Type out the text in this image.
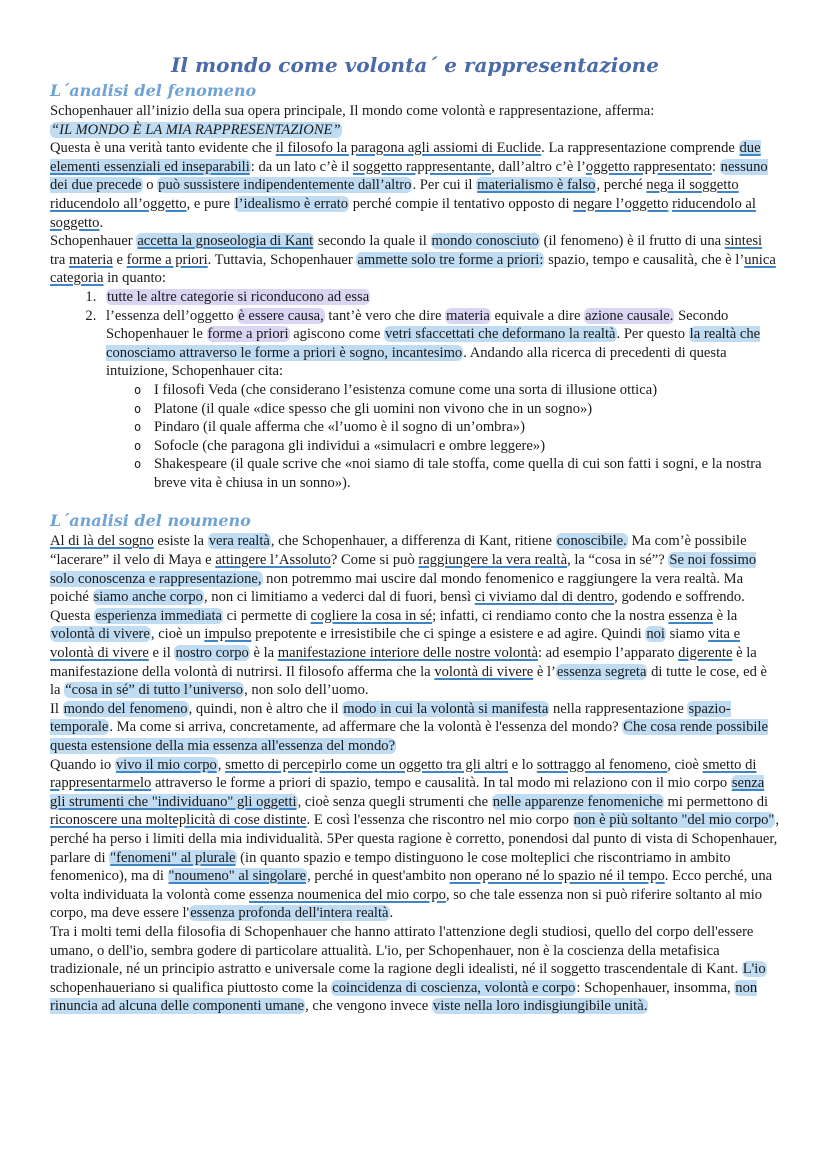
Il mondo come volonta´ e rappresentazione
L´analisi del fenomeno

Schopenhauer all’inizio della sua opera principale, Il mondo come volontà e rappresentazione, afferma:
“IL MONDO È LA MIA RAPPRESENTAZIONE”

Questa è una verità tanto evidente che il filosofo la paragona agli assiomi di Euclide. La rappresentazione comprende due elementi essenziali ed inseparabili: da un lato c’è il soggetto rappresentante, dall’altro c’è l’oggetto rappresentato: nessuno dei due precede o può sussistere indipendentemente dall’altro. Per cui il materialismo è falso, perché nega il soggetto riducendolo all’oggetto, e pure l’idealismo è errato perché compie il tentativo opposto di negare l’oggetto riducendolo al soggetto.

Schopenhauer accetta la gnoseologia di Kant secondo la quale il mondo conosciuto (il fenomeno) è il frutto di una sintesi tra materia e forme a priori. Tuttavia, Schopenhauer ammette solo tre forme a priori: spazio, tempo e causalità, che è l’unica categoria in quanto:

1. tutte le altre categorie si riconducono ad essa
2. l’essenza dell’oggetto è essere causa, tant’è vero che dire materia equivale a dire azione causale. Secondo Schopenhauer le forme a priori agiscono come vetri sfaccettati che deformano la realtà. Per questo la realtà che conosciamo attraverso le forme a priori è sogno, incantesimo. Andando alla ricerca di precedenti di questa intuizione, Schopenhauer cita:
o I filosofi Veda (che considerano l’esistenza comune come una sorta di illusione ottica)
o Platone (il quale «dice spesso che gli uomini non vivono che in un sogno»)
o Pindaro (il quale afferma che «l’uomo è il sogno di un’ombra»)
o Sofocle (che paragona gli individui a «simulacri e ombre leggere»)
o Shakespeare (il quale scrive che «noi siamo di tale stoffa, come quella di cui son fatti i sogni, e la nostra breve vita è chiusa in un sonno»).
L´analisi del noumeno

Al di là del sogno esiste la vera realtà, che Schopenhauer, a differenza di Kant, ritiene conoscibile. Ma com’è possibile “lacerare” il velo di Maya e attingere l’Assoluto? Come si può raggiungere la vera realtà, la “cosa in sé”? Se noi fossimo solo conoscenza e rappresentazione, non potremmo mai uscire dal mondo fenomenico e raggiungere la vera realtà. Ma poiché siamo anche corpo, non ci limitiamo a vederci dal di fuori, bensì ci viviamo dal di dentro, godendo e soffrendo. Questa esperienza immediata ci permette di cogliere la cosa in sé; infatti, ci rendiamo conto che la nostra essenza è la volontà di vivere, cioè un impulso prepotente e irresistibile che ci spinge a esistere e ad agire. Quindi noi siamo vita e volontà di vivere e il nostro corpo è la manifestazione interiore delle nostre volontà: ad esempio l’apparato digerente è la manifestazione della volontà di nutrirsi. Il filosofo afferma che la volontà di vivere è l’essenza segreta di tutte le cose, ed è la “cosa in sé” di tutto l’universo, non solo dell’uomo.

Il mondo del fenomeno, quindi, non è altro che il modo in cui la volontà si manifesta nella rappresentazione spazio-temporale. Ma come si arriva, concretamente, ad affermare che la volontà è l'essenza del mondo? Che cosa rende possibile questa estensione della mia essenza all'essenza del mondo?

Quando io vivo il mio corpo, smetto di percepirlo come un oggetto tra gli altri e lo sottraggo al fenomeno, cioè smetto di rappresentarmelo attraverso le forme a priori di spazio, tempo e causalità. In tal modo mi relaziono con il mio corpo senza gli strumenti che "individuano" gli oggetti, cioè senza quegli strumenti che nelle apparenze fenomeniche mi permettono di riconoscere una molteplicità di cose distinte. E così l'essenza che riscontro nel mio corpo non è più soltanto "del mio corpo", perché ha perso i limiti della mia individualità. 5Per questa ragione è corretto, ponendosi dal punto di vista di Schopenhauer, parlare di "fenomeni" al plurale (in quanto spazio e tempo distinguono le cose molteplici che riscontriamo in ambito fenomenico), ma di "noumeno" al singolare, perché in quest'ambito non operano né lo spazio né il tempo. Ecco perché, una volta individuata la volontà come essenza noumenica del mio corpo, so che tale essenza non si può riferire soltanto al mio corpo, ma deve essere l'essenza profonda dell'intera realtà.

Tra i molti temi della filosofia di Schopenhauer che hanno attirato l'attenzione degli studiosi, quello del corpo dell'essere umano, o dell'io, sembra godere di particolare attualità. L'io, per Schopenhauer, non è la coscienza della metafisica tradizionale, né un principio astratto e universale come la ragione degli idealisti, né il soggetto trascendentale di Kant. L'io schopenhaueriano si qualifica piuttosto come la coincidenza di coscienza, volontà e corpo: Schopenhauer, insomma, non rinuncia ad alcuna delle componenti umane, che vengono invece viste nella loro indisgiungibile unità.
